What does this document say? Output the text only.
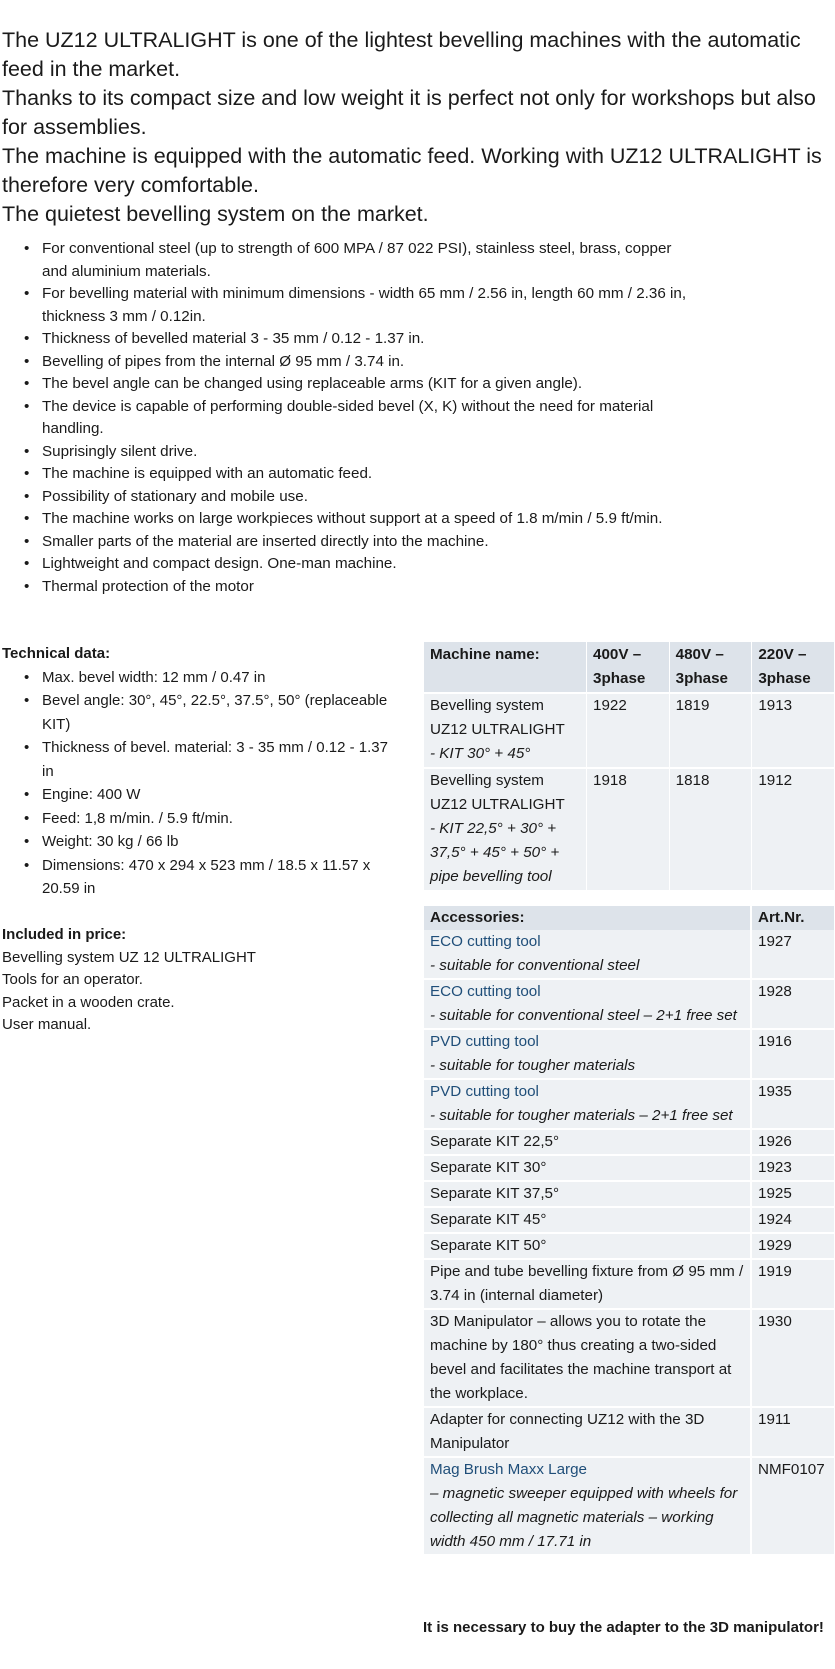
The UZ12 ULTRALIGHT is one of the lightest bevelling machines with the automatic feed in the market.

Thanks to its compact size and low weight it is perfect not only for workshops but also for assemblies.

The machine is equipped with the automatic feed. Working with UZ12 ULTRALIGHT is therefore very comfortable.

The quietest bevelling system on the market.

• For conventional steel (up to strength of 600 MPA / 87 022 PSI), stainless steel, brass, copper and aluminium materials.
• For bevelling material with minimum dimensions - width 65 mm / 2.56 in, length 60 mm / 2.36 in, thickness 3 mm / 0.12in.
• Thickness of bevelled material 3 - 35 mm / 0.12 - 1.37 in.
• Bevelling of pipes from the internal Ø 95 mm / 3.74 in.
• The bevel angle can be changed using replaceable arms (KIT for a given angle).
• The device is capable of performing double-sided bevel (X, K) without the need for material handling.
• Suprisingly silent drive.
• The machine is equipped with an automatic feed.
• Possibility of stationary and mobile use.
• The machine works on large workpieces without support at a speed of 1.8 m/min / 5.9 ft/min.
• Smaller parts of the material are inserted directly into the machine.
• Lightweight and compact design. One-man machine.
• Thermal protection of the motor
Technical data:
• Max. bevel width: 12 mm / 0.47 in
• Bevel angle: 30°, 45°, 22.5°, 37.5°, 50° (replaceable KIT)
• Thickness of bevel. material: 3 - 35 mm / 0.12 - 1.37 in
• Engine: 400 W
• Feed: 1,8 m/min. / 5.9 ft/min.
• Weight: 30 kg / 66 lb
• Dimensions: 470 x 294 x 523 mm / 18.5 x 11.57 x 20.59 in
Included in price:
Bevelling system UZ 12 ULTRALIGHT
Tools for an operator.
Packet in a wooden crate.
User manual.
Machine name:	400V – 3phase	480V – 3phase	220V – 3phase
Bevelling system UZ12 ULTRALIGHT
- KIT 30° + 45°	1922	1819	1913
Bevelling system UZ12 ULTRALIGHT
- KIT 22,5° + 30° + 37,5° + 45° + 50° + pipe bevelling tool	1918	1818	1912
Accessories:	Art.Nr.
ECO cutting tool
- suitable for conventional steel	1927
ECO cutting tool
- suitable for conventional steel – 2+1 free set	1928
PVD cutting tool
- suitable for tougher materials	1916
PVD cutting tool
- suitable for tougher materials – 2+1 free set	1935
Separate KIT 22,5°	1926
Separate KIT 30°	1923
Separate KIT 37,5°	1925
Separate KIT 45°	1924
Separate KIT 50°	1929
Pipe and tube bevelling fixture from Ø 95 mm / 3.74 in (internal diameter)	1919
3D Manipulator – allows you to rotate the machine by 180° thus creating a two-sided bevel and facilitates the machine transport at the workplace.	1930
Adapter for connecting UZ12 with the 3D Manipulator	1911
Mag Brush Maxx Large
– magnetic sweeper equipped with wheels for collecting all magnetic materials – working width 450 mm / 17.71 in	NMF0107
It is necessary to buy the adapter to the 3D manipulator!
